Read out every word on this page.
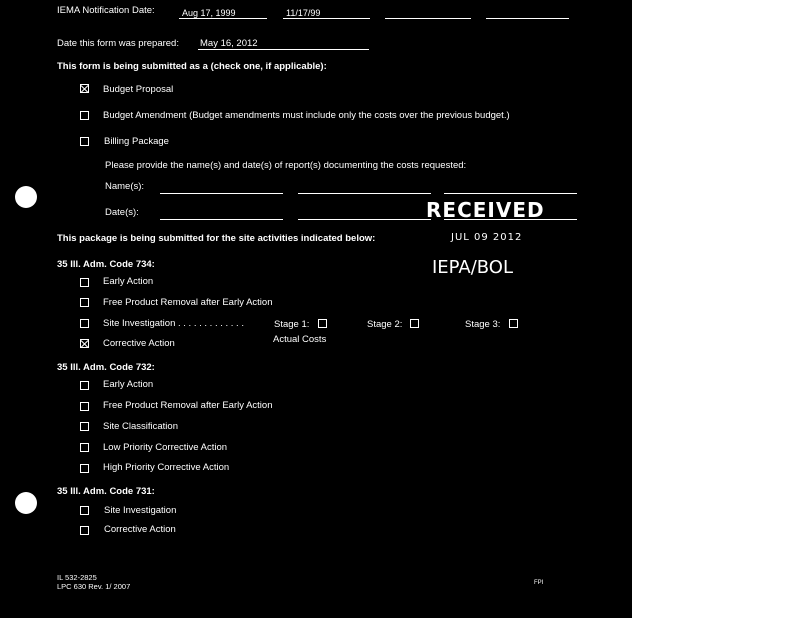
IEMA Notification Date:	Aug 17, 1999	11/17/99
Date this form was prepared: May 16, 2012
This form is being submitted as a (check one, if applicable):
Budget Proposal
Budget Amendment (Budget amendments must include only the costs over the previous budget.)
Billing Package
Please provide the name(s) and date(s) of report(s) documenting the costs requested:
Name(s):
Date(s):	RECEIVED
JUL 09 2012
IEPA/BOL
This package is being submitted for the site activities indicated below:
35 Ill. Adm. Code 734:
Early Action
Free Product Removal after Early Action
Site Investigation . . . . . . . . . . . . .	Stage 1:	Stage 2:	Stage 3:
Corrective Action	Actual Costs
35 Ill. Adm. Code 732:
Early Action
Free Product Removal after Early Action
Site Classification
Low Priority Corrective Action
High Priority Corrective Action
35 Ill. Adm. Code 731:
Site Investigation
Corrective Action
IL 532-2825
LPC 630 Rev. 1/ 2007	FPI
